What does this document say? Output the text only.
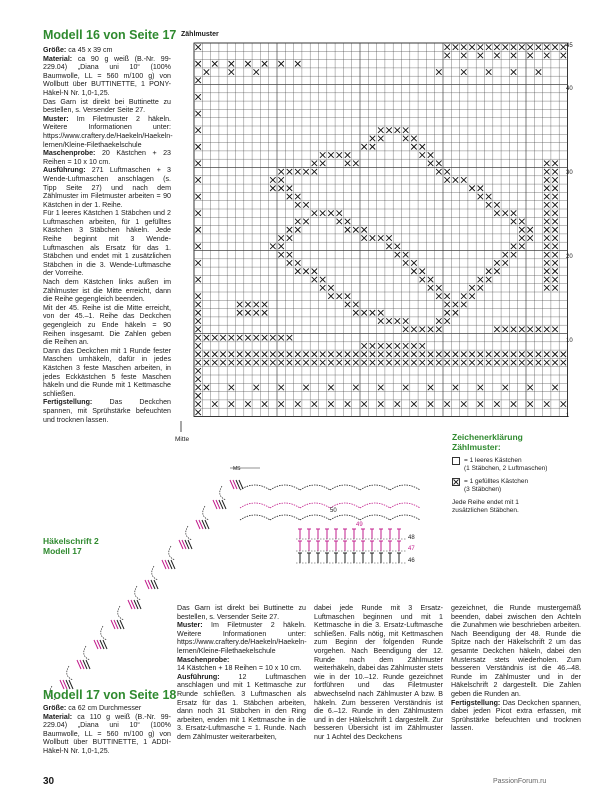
Modell 16 von Seite 17

Größe: ca 45 x 39 cm

Material: ca 90 g weiß (B.-Nr. 99-229.04) „Diana uni 10“ (100% Baumwolle, LL = 560 m/100 g) von Wollbutt über BUTTINETTE, 1 PONY-Häkel-N Nr. 1,0-1,25.

Das Garn ist direkt bei Buttinette zu bestellen, s. Versender Seite 27.

Muster: Im Filetmuster 2 häkeln. Weitere Informationen unter: https://www.craftery.de/Haekeln/Haekeln-lernen/Kleine-Filethaekelschule

Maschenprobe: 20 Kästchen + 23 Reihen = 10 x 10 cm.

Ausführung: 271 Luftmaschen + 3 Wende-Luftmaschen anschlagen (s. Tipp Seite 27) und nach dem Zählmuster im Filetmuster arbeiten = 90 Kästchen in der 1. Reihe.

Für 1 leeres Kästchen 1 Stäbchen und 2 Luftmaschen arbeiten, für 1 gefülltes Kästchen 3 Stäbchen häkeln. Jede Reihe beginnt mit 3 Wende-Luftmaschen als Ersatz für das 1. Stäbchen und endet mit 1 zusätzlichen Stäbchen in die 3. Wende-Luftmasche der Vorreihe.

Nach dem Kästchen links außen im Zählmuster ist die Mitte erreicht, dann die Reihe gegengleich beenden.

Mit der 45. Reihe ist die Mitte erreicht, von der 45.–1. Reihe das Deckchen gegengleich zu Ende häkeln = 90 Reihen insgesamt. Die Zahlen geben die Reihen an.

Dann das Deckchen mit 1 Runde fester Maschen umhäkeln, dafür in jedes Kästchen 3 feste Maschen arbeiten, in jedes Eckkästchen 5 feste Maschen häkeln und die Runde mit 1 Kettmasche schließen.

Fertigstellung: Das Deckchen spannen, mit Sprühstärke befeuchten und trocknen lassen.

Zählmuster
Mitte
45
40
30
20
10
1
Zeichenerklärung
Zählmuster:
= 1 leeres Kästchen
(1 Stäbchen, 2 Luftmaschen)
= 1 gefülltes Kästchen
(3 Stäbchen)
Jede Reihe endet mit 1
zusätzlichen Stäbchen.
Häkelschrift 2
Modell 17
MS
50
49
48
47
46
Modell 17 von Seite 18

Größe: ca 62 cm Durchmesser

Material: ca 110 g weiß (B.-Nr. 99-229.04) „Diana uni 10“ (100% Baumwolle, LL = 560 m/100 g) von Wollbutt über BUTTINETTE, 1 ADDI-Häkel-N Nr. 1,0-1,25.

Das Garn ist direkt bei Buttinette zu bestellen, s. Versender Seite 27.

Muster: Im Filetmuster 2 häkeln. Weitere Informationen unter: https://www.craftery.de/Haekeln/Haekeln-lernen/Kleine-Filethaekelschule

Maschenprobe:
14 Kästchen + 18 Reihen = 10 x 10 cm.

Ausführung:	12 Luftmaschen anschlagen und mit 1 Kettmasche zur Runde schließen. 3 Luftmaschen als Ersatz für das 1. Stäbchen arbeiten, dann noch 31 Stäbchen in den Ring arbeiten, enden mit 1 Kettmasche in die 3. Ersatz-Luftmasche = 1. Runde. Nach dem Zählmuster weiterarbeiten,

dabei jede Runde mit 3 Ersatz-Luftmaschen beginnen und mit 1 Kettmasche in die 3. Ersatz-Luftmasche schließen. Falls nötig, mit Kettmaschen zum Beginn der folgenden Runde vorgehen. Nach Beendigung der 12. Runde nach dem Zählmuster weiterhäkeln, dabei das Zählmuster stets wie in der 10.–12. Runde gezeichnet fortführen und das Filetmuster abwechselnd nach Zählmuster A bzw. B häkeln. Zum besseren Verständnis ist die 6.–12. Runde in den Zählmustern und in der Häkelschrift 1 dargestellt. Zur besseren Übersicht ist im Zählmuster nur 1 Achtel des Deckchens

gezeichnet, die Runde mustergemäß beenden, dabei zwischen den Achteln die Zunahmen wie beschrieben arbeiten. Nach Beendigung der 48. Runde die Spitze nach der Häkelschrift 2 um das gesamte Deckchen häkeln, dabei den Mustersatz stets wiederholen. Zum besseren Verständnis ist die 46.–48. Runde im Zählmuster und in der Häkelschrift 2 dargestellt. Die Zahlen geben die Runden an.

Fertigstellung: Das Deckchen spannen, dabei jeden Picot extra erfassen, mit Sprühstärke befeuchten und trocknen lassen.

30	PassionForum.ru
